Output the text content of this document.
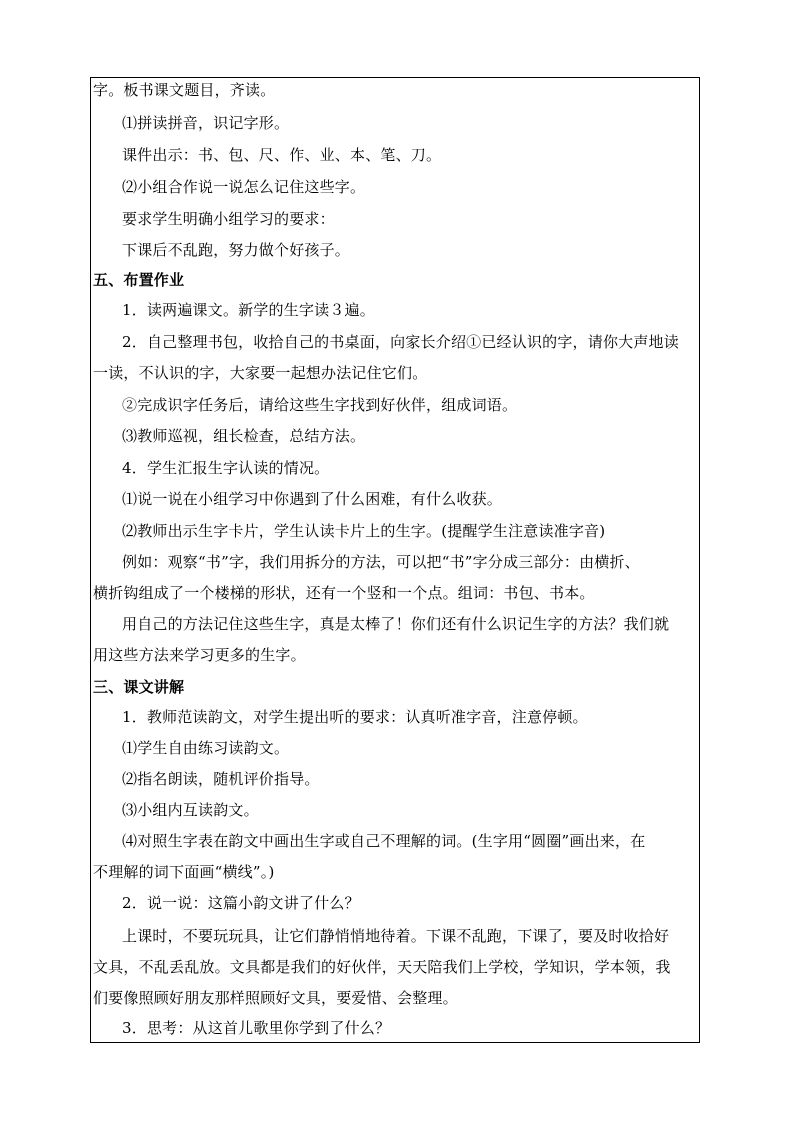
字。板书课文题目，齐读。
⑴拼读拼音，识记字形。
课件出示：书、包、尺、作、业、本、笔、刀。
⑵小组合作说一说怎么记住这些字。
要求学生明确小组学习的要求：
下课后不乱跑，努力做个好孩子。
五、布置作业
1．读两遍课文。新学的生字读３遍。
2．自己整理书包，收拾自己的书桌面，向家长介绍①已经认识的字，请你大声地读
一读，不认识的字，大家要一起想办法记住它们。
②完成识字任务后，请给这些生字找到好伙伴，组成词语。
⑶教师巡视，组长检查，总结方法。
4．学生汇报生字认读的情况。
⑴说一说在小组学习中你遇到了什么困难，有什么收获。
⑵教师出示生字卡片，学生认读卡片上的生字。(提醒学生注意读准字音)
例如：观察“书”字，我们用拆分的方法，可以把“书”字分成三部分：由横折、
横折钩组成了一个楼梯的形状，还有一个竖和一个点。组词：书包、书本。
用自己的方法记住这些生字，真是太棒了！你们还有什么识记生字的方法？我们就
用这些方法来学习更多的生字。
三、课文讲解
1．教师范读韵文，对学生提出听的要求：认真听准字音，注意停顿。
⑴学生自由练习读韵文。
⑵指名朗读，随机评价指导。
⑶小组内互读韵文。
⑷对照生字表在韵文中画出生字或自己不理解的词。(生字用“圆圈”画出来，在
不理解的词下面画“横线”。)
2．说一说：这篇小韵文讲了什么？
上课时，不要玩玩具，让它们静悄悄地待着。下课不乱跑，下课了，要及时收拾好
文具，不乱丢乱放。文具都是我们的好伙伴，天天陪我们上学校，学知识，学本领，我
们要像照顾好朋友那样照顾好文具，要爱惜、会整理。
3．思考：从这首儿歌里你学到了什么？
